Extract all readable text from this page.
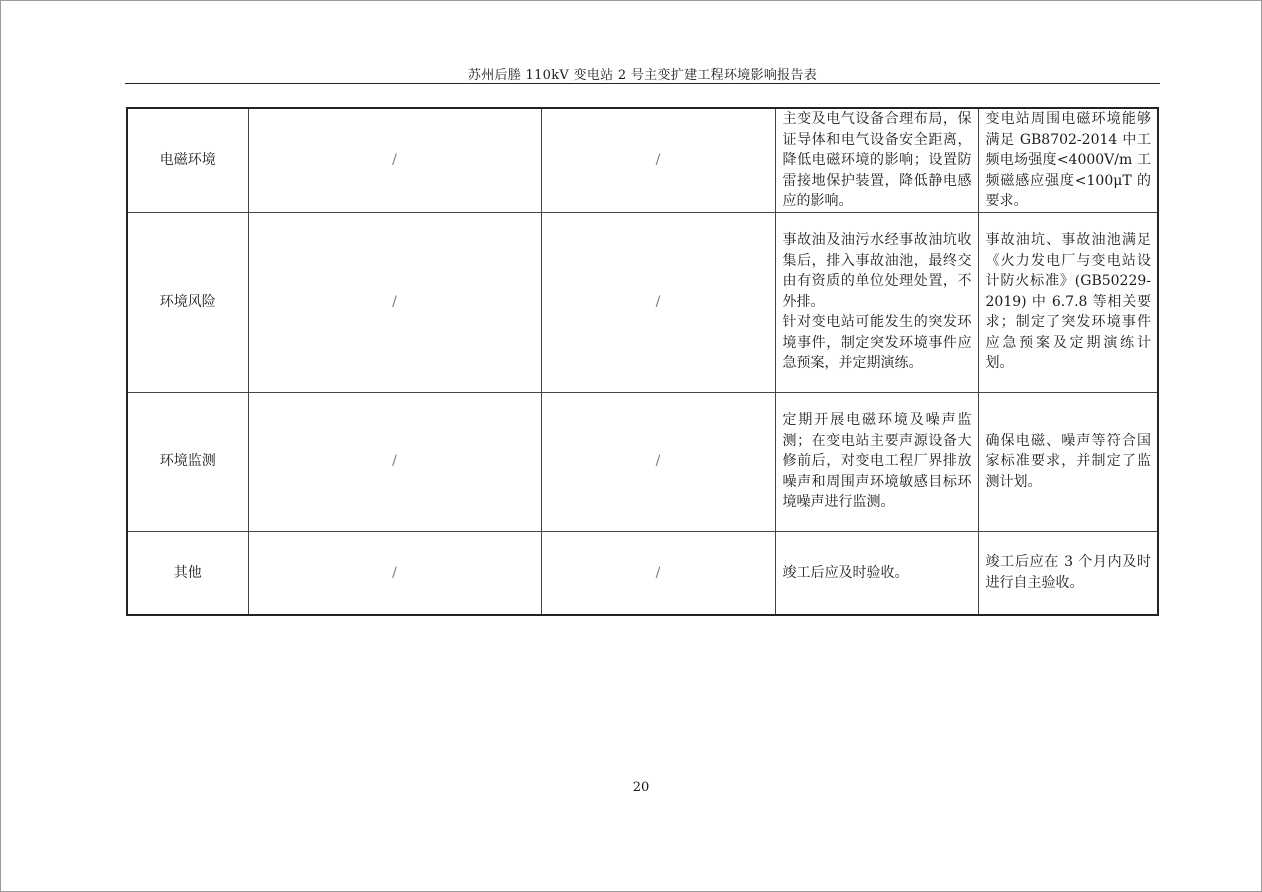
苏州后塍 110kV 变电站 2 号主变扩建工程环境影响报告表
电磁环境	/	/	主变及电气设备合理布局，保证导体和电气设备安全距离，降低电磁环境的影响；设置防雷接地保护装置，降低静电感应的影响。	变电站周围电磁环境能够满足 GB8702-2014 中工频电场强度<4000V/m 工频磁感应强度<100μT 的要求。

环境风险	/	/	事故油及油污水经事故油坑收集后，排入事故油池，最终交由有资质的单位处理处置，不外排。
针对变电站可能发生的突发环境事件，制定突发环境事件应急预案，并定期演练。	事故油坑、事故油池满足《火力发电厂与变电站设计防火标准》(GB50229-2019) 中 6.7.8 等相关要求；制定了突发环境事件应急预案及定期演练计划。

环境监测	/	/	定期开展电磁环境及噪声监测；在变电站主要声源设备大修前后，对变电工程厂界排放噪声和周围声环境敏感目标环境噪声进行监测。	确保电磁、噪声等符合国家标准要求，并制定了监测计划。

其他	/	/	竣工后应及时验收。	竣工后应在 3 个月内及时进行自主验收。
20
